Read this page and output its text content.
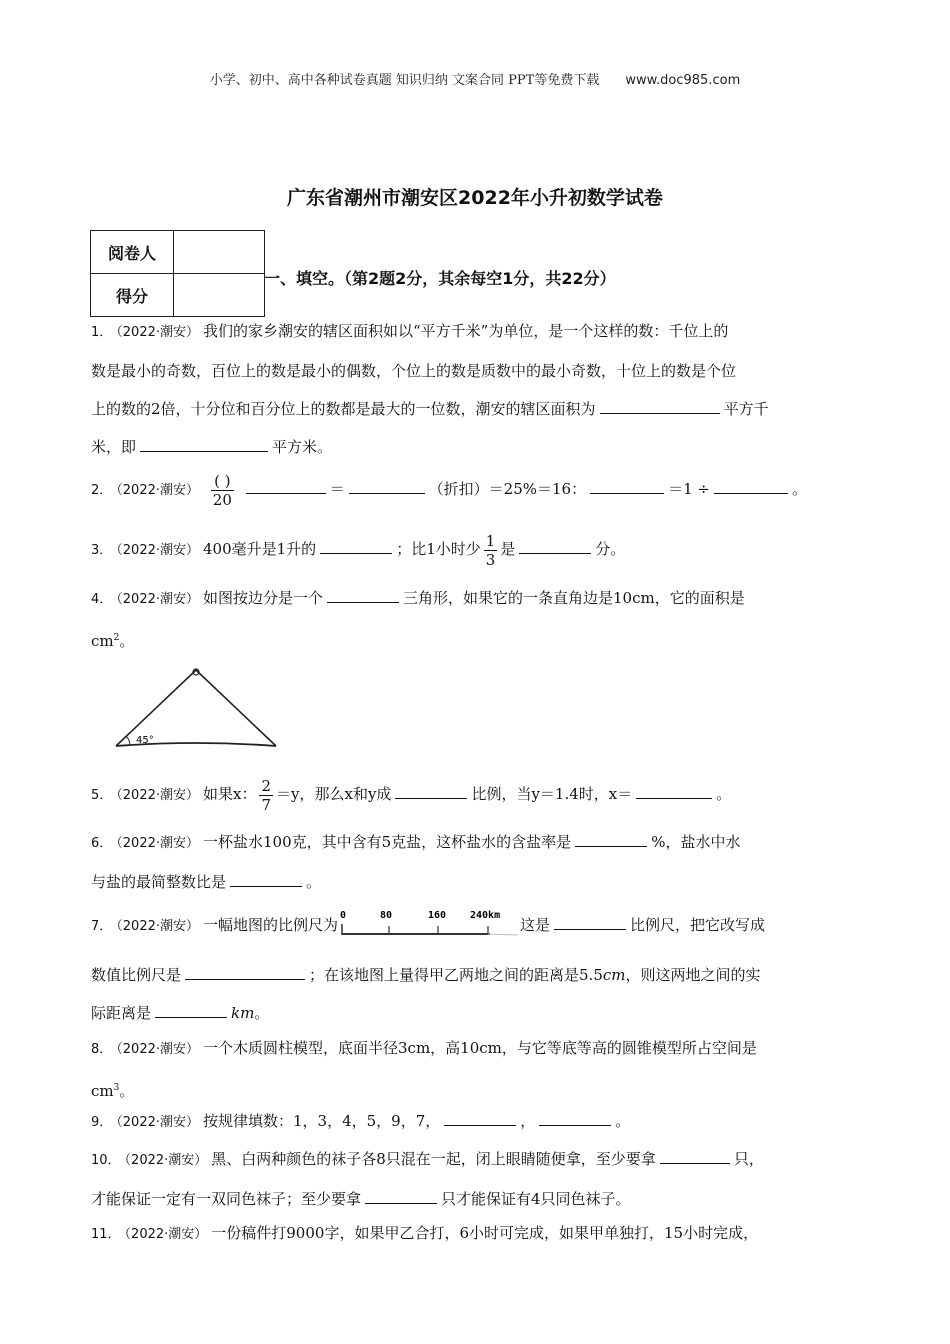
小学、初中、高中各种试卷真题 知识归纳 文案合同 PPT等免费下载 www.doc985.com
广东省潮州市潮安区2022年小升初数学试卷
阅卷人	
得分	
一、填空。（第2题2分，其余每空1分，共22分）
1． （2022·潮安） 我们的家乡潮安的辖区面积如以“平方千米”为单位，是一个这样的数：千位上的
数是最小的奇数，百位上的数是最小的偶数，个位上的数是质数中的最小奇数，十位上的数是个位
上的数的2倍，十分位和百分位上的数都是最大的一位数，潮安的辖区面积为	平方千
米，即	平方米。
2． （2022·潮安） $\frac{( )}{20}$	＝	（折扣）＝25%＝16：	＝1 ÷	。
3． （2022·潮安） 400毫升是1升的	；比1小时少 $\frac{1}{3}$ 是	分。
4． （2022·潮安） 如图按边分是一个	三角形，如果它的一条直角边是10cm，它的面积是
$cm^2$。
45°
5． （2022·潮安） 如果x： $\frac{2}{7} =y$，那么x和y成	比例，当y＝1.4时，x＝	。
6． （2022·潮安） 一杯盐水100克，其中含有5克盐，这杯盐水的含盐率是	%，盐水中水
与盐的最简整数比是	。
7． （2022·潮安） 一幅地图的比例尺为
0	80	160 240km
这是	比例尺，把它改写成
数值比例尺是	；在该地图上量得甲乙两地之间的距离是5.5cm，则这两地之间的实
际距离是	km。
8． （2022·潮安） 一个木质圆柱模型，底面半径3cm，高10cm，与它等底等高的圆锥模型所占空间是
$cm^3$。
9． （2022·潮安） 按规律填数：1，3，4，5，9，7，	，	。
10． （2022·潮安） 黑、白两种颜色的袜子各8只混在一起，闭上眼睛随便拿，至少要拿	只，
才能保证一定有一双同色袜子；至少要拿	只才能保证有4只同色袜子。
11． （2022·潮安） 一份稿件打9000字，如果甲乙合打，6小时可完成，如果甲单独打，15小时完成，
